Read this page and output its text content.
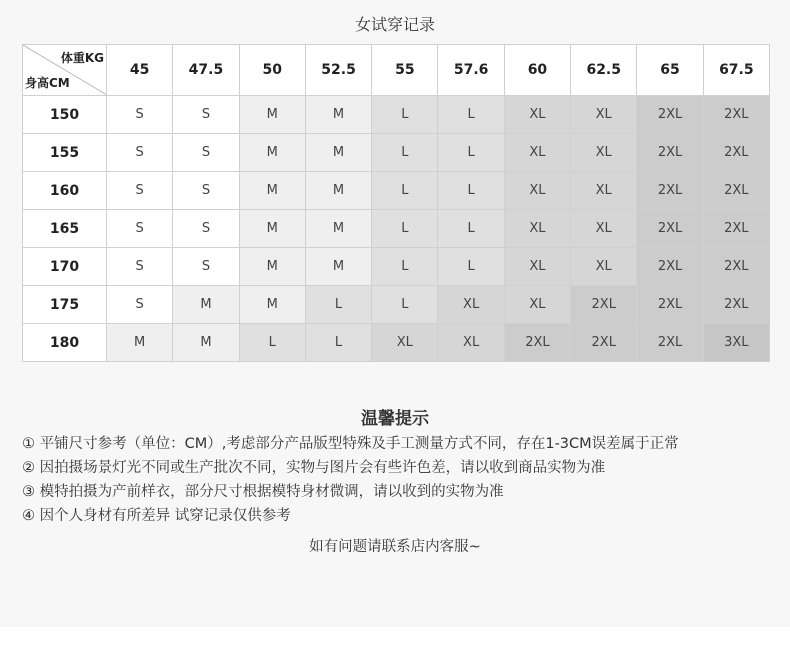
女试穿记录
体重KG
身高CM	45	47.5	50	52.5	55	57.6	60	62.5	65	67.5
150	S	S	M	M	L	L	XL	XL	2XL	2XL
155	S	S	M	M	L	L	XL	XL	2XL	2XL
160	S	S	M	M	L	L	XL	XL	2XL	2XL
165	S	S	M	M	L	L	XL	XL	2XL	2XL
170	S	S	M	M	L	L	XL	XL	2XL	2XL
175	S	M	M	L	L	XL	XL	2XL	2XL	2XL
180	M	M	L	L	XL	XL	2XL	2XL	2XL	3XL
温馨提示
① 平铺尺寸参考（单位：CM）,考虑部分产品版型特殊及手工测量方式不同，存在1-3CM误差属于正常
② 因拍摄场景灯光不同或生产批次不同，实物与图片会有些许色差，请以收到商品实物为准
③ 模特拍摄为产前样衣，部分尺寸根据模特身材微调，请以收到的实物为准
④ 因个人身材有所差异 试穿记录仅供参考
如有问题请联系店内客服~
